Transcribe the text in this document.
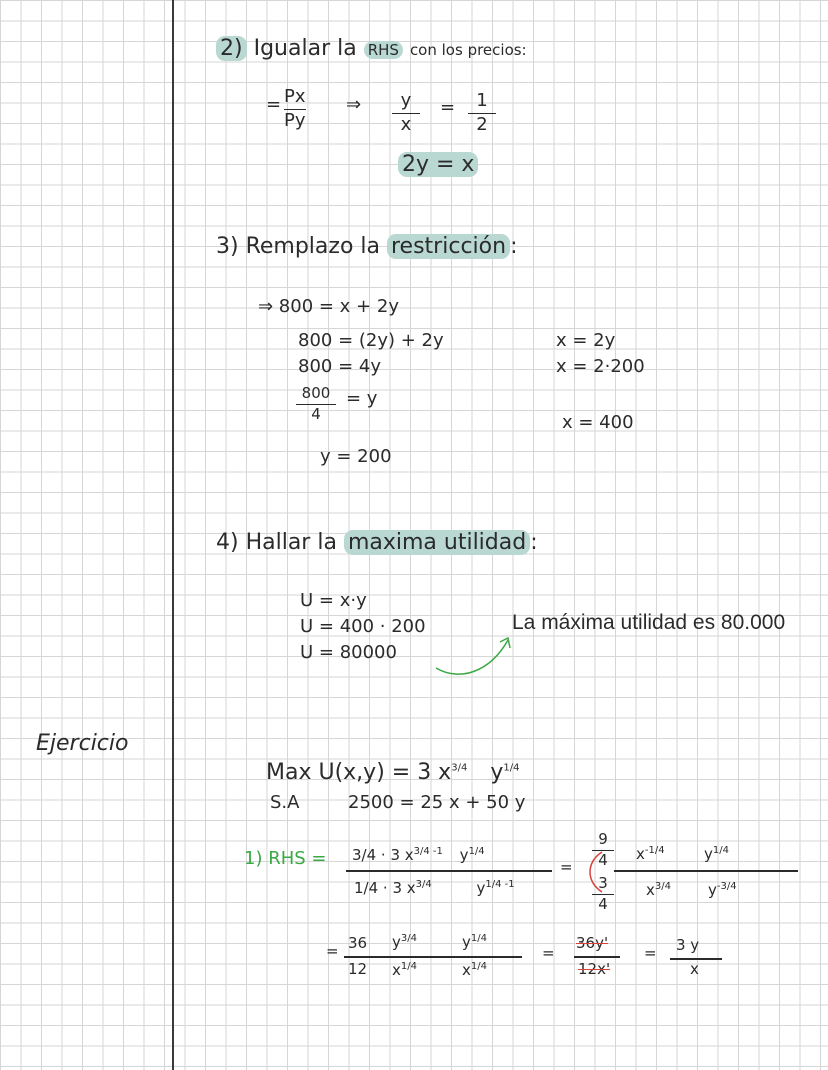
Ejercicio
2) Igualar la RHS con los precios:
= Px
Py
⇒ y
x
= 1
2
2y = x
3) Remplazo la restricción :
⇒ 800 = x + 2y
800 = (2y) + 2y
800 = 4y
800
4
= y
y = 200
x = 2y
x = 2·200
x = 400
4) Hallar la maxima utilidad :
U = x·y
U = 400 · 200
U = 80000
La máxima utilidad es 80.000
Max U(x,y) = 3 $x^{3/4}$ $y^{1/4}$
S.A	2500 = 25 x + 50 y
1) RHS = 3/4 · 3 $x^{3/4 -1}$ $y^{1/4}$
1/4 · 3 $x^{3/4}$	$y^{1/4 -1}$
=
9
4
3
4
$x^{-1/4}$	$y^{1/4}$
$x^{3/4}$ $y^{-3/4}$
= 36
12
$y^{3/4}$
$x^{1/4}$
$y^{1/4}$
$x^{1/4}$
=
36y'
12x'
= 3 y
x
